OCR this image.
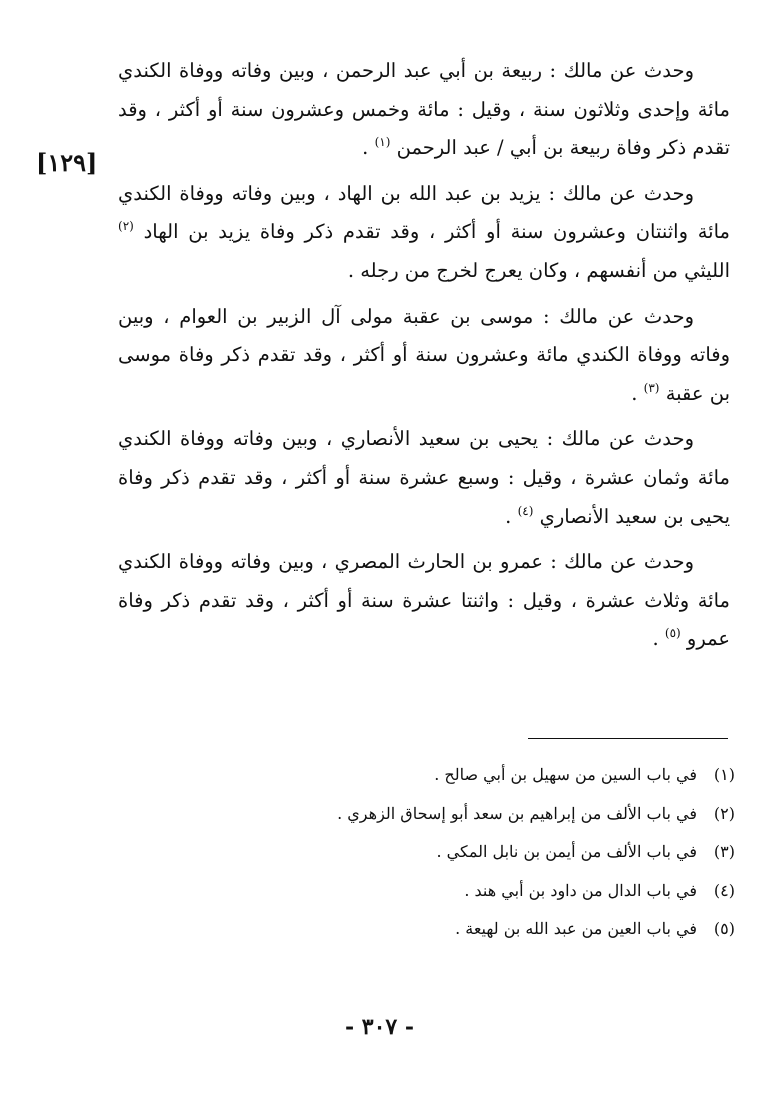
[١٢٩]

وحدث عن مالك : ربيعة بن أبي عبد الرحمن ، وبين وفاته ووفاة الكندي مائة وإحدى وثلاثون سنة ، وقيل : مائة وخمس وعشرون سنة أو أكثر ، وقد تقدم ذكر وفاة ربيعة بن أبي / عبد الرحمن $^{(١)}$ .

وحدث عن مالك : يزيد بن عبد الله بن الهاد ، وبين وفاته ووفاة الكندي مائة واثنتان وعشرون سنة أو أكثر ، وقد تقدم ذكر وفاة يزيد بن الهاد $^{(٢)}$ الليثي من أنفسهم ، وكان يعرج لخرج من رجله .

وحدث عن مالك : موسى بن عقبة مولى آل الزبير بن العوام ، وبين وفاته ووفاة الكندي مائة وعشرون سنة أو أكثر ، وقد تقدم ذكر وفاة موسى بن عقبة $^{(٣)}$ .

وحدث عن مالك : يحيى بن سعيد الأنصاري ، وبين وفاته ووفاة الكندي مائة وثمان عشرة ، وقيل : وسبع عشرة سنة أو أكثر ، وقد تقدم ذكر وفاة يحيى بن سعيد الأنصاري $^{(٤)}$ .

وحدث عن مالك : عمرو بن الحارث المصري ، وبين وفاته ووفاة الكندي مائة وثلاث عشرة ، وقيل : واثنتا عشرة سنة أو أكثر ، وقد تقدم ذكر وفاة عمرو $^{(٥)}$ .

(١)في باب السين من سهيل بن أبي صالح .
(٢)في باب الألف من إبراهيم بن سعد أبو إسحاق الزهري .
(٣)في باب الألف من أيمن بن نابل المكي .
(٤)في باب الدال من داود بن أبي هند .
(٥)في باب العين من عبد الله بن لهيعة .
- ٣٠٧ -
